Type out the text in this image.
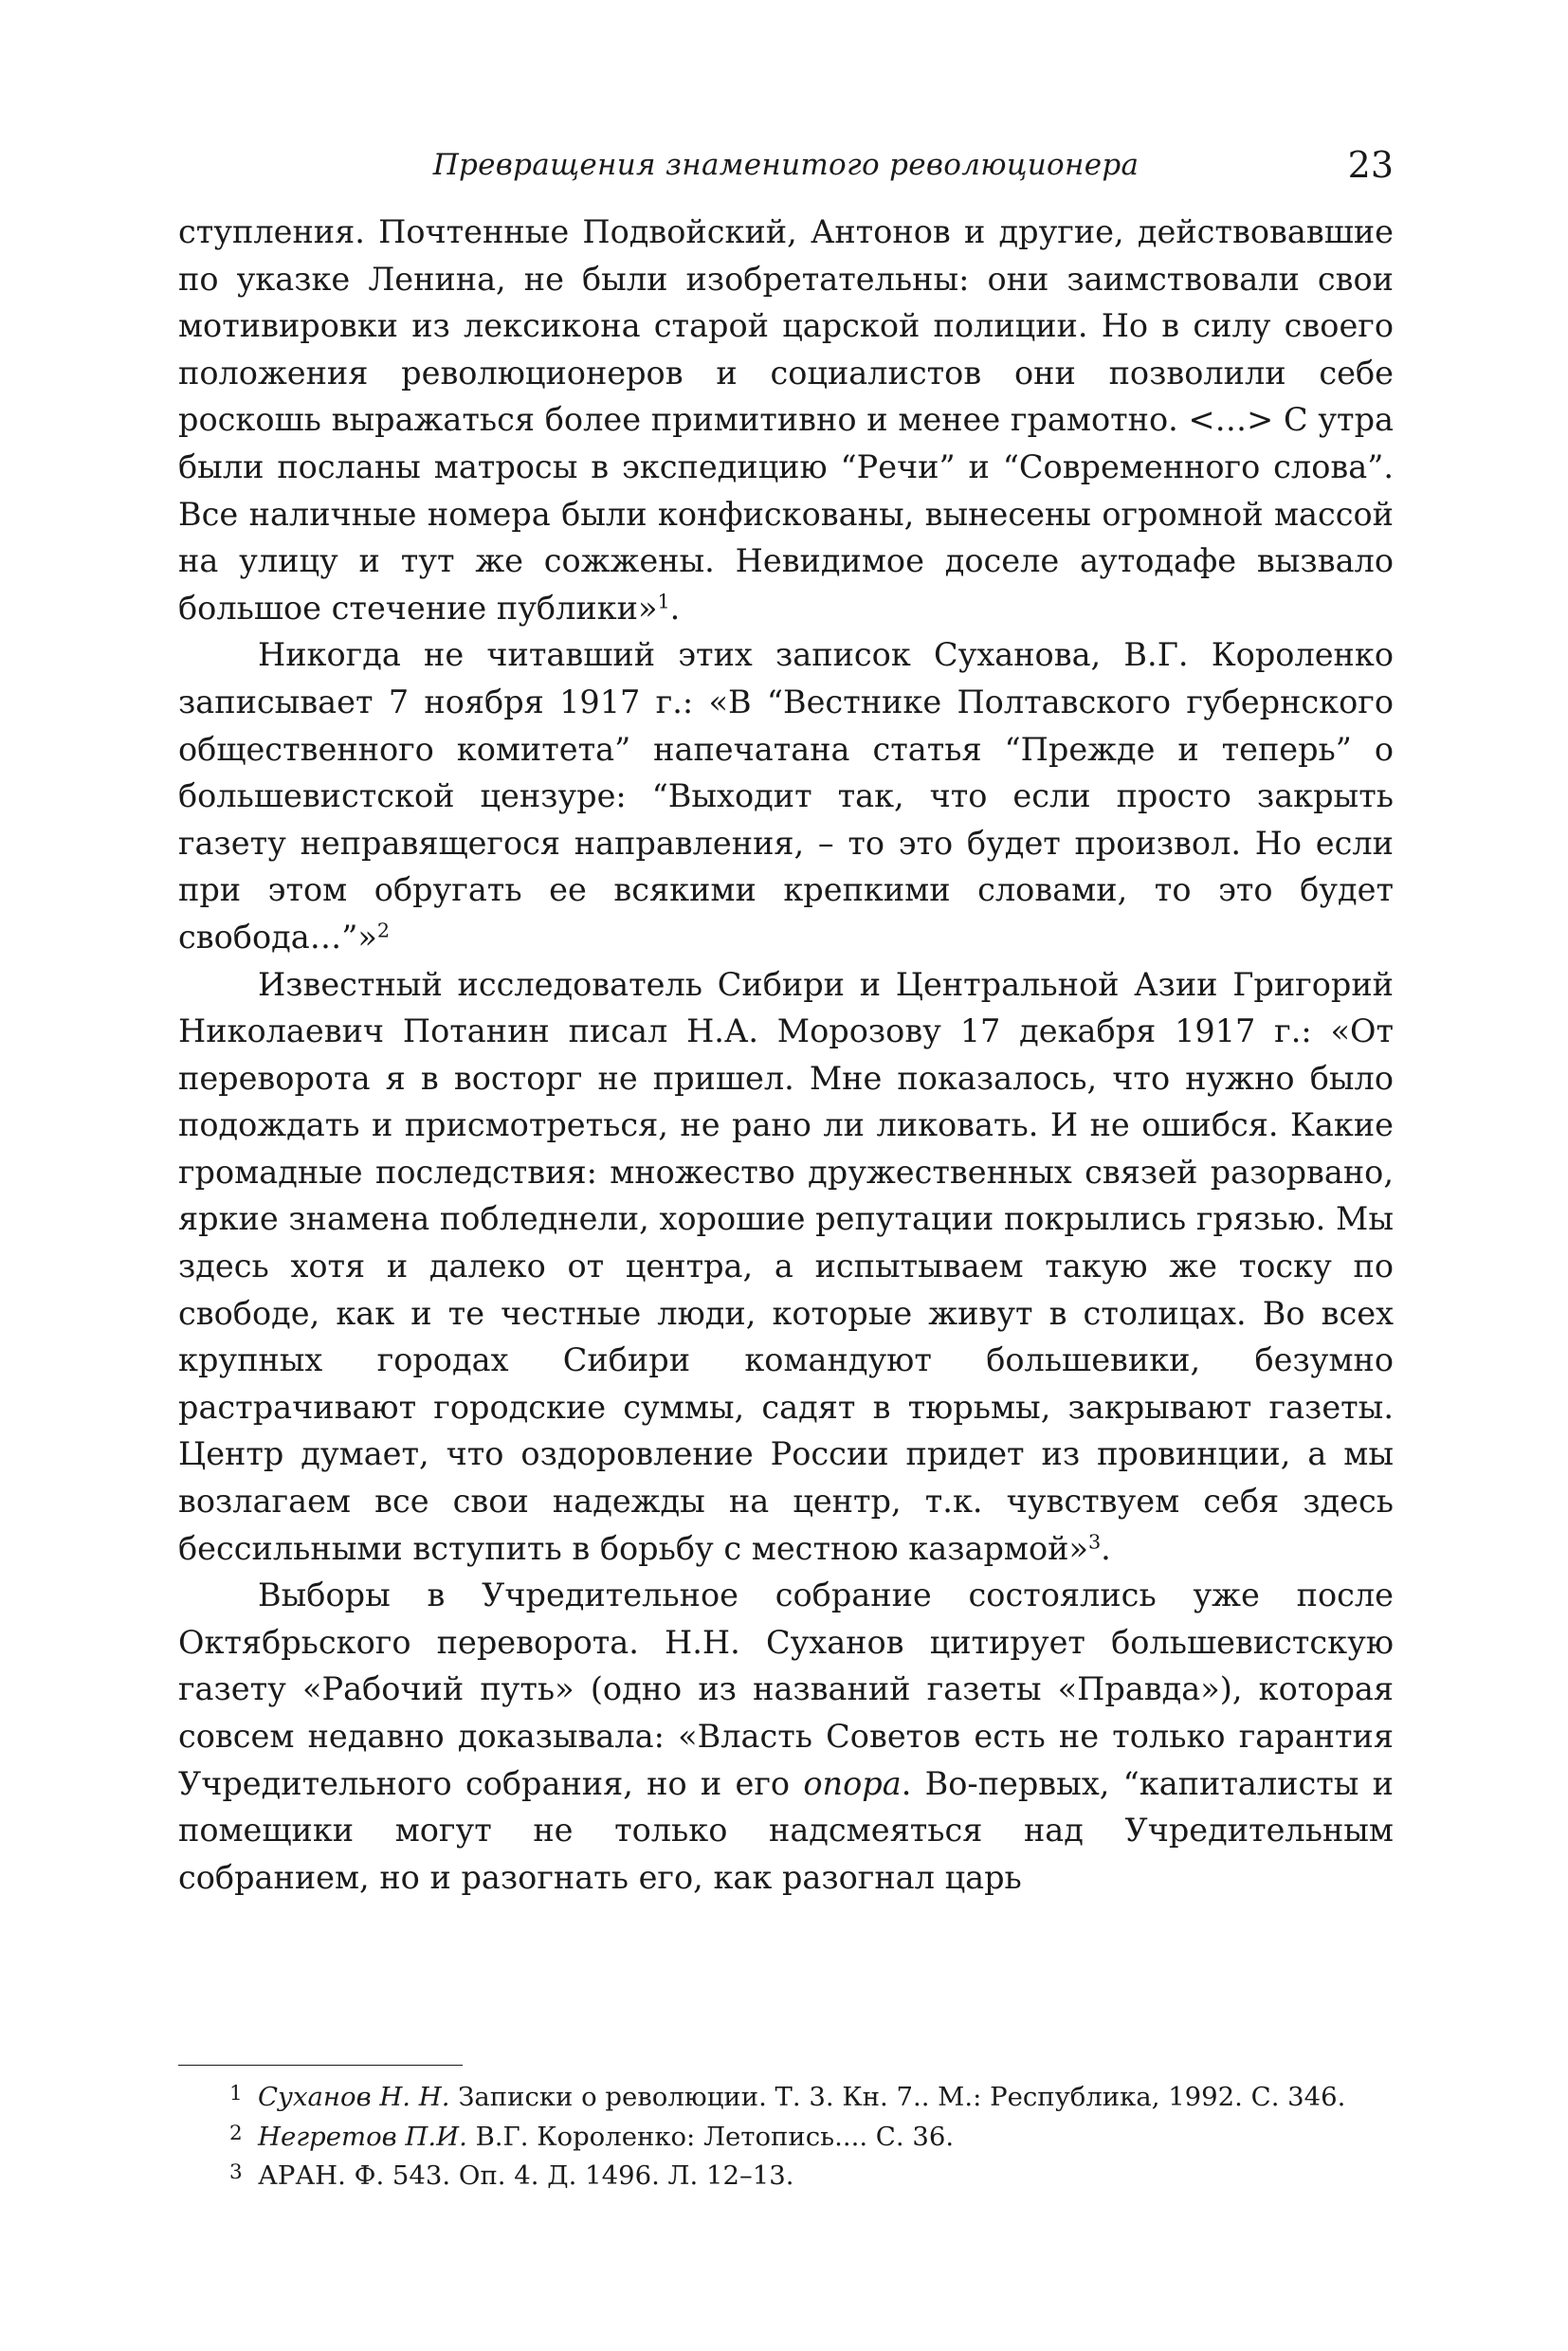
Превращения знаменитого революционера	23

ступления. Почтенные Подвойский, Антонов и другие, действовавшие по указке Ленина, не были изобретательны: они заимствовали свои мотивировки из лексикона старой царской полиции. Но в силу своего положения революционеров и социалистов они позволили себе роскошь выражаться более примитивно и менее грамотно. <…> С утра были посланы матросы в экспедицию “Речи” и “Современного слова”. Все наличные номера были конфискованы, вынесены огромной массой на улицу и тут же сожжены. Невидимое доселе аутодафе вызвало большое стечение публики»$^1$.

Никогда не читавший этих записок Суханова, В.Г. Короленко записывает 7 ноября 1917 г.: «В “Вестнике Полтавского губернского общественного комитета” напечатана статья “Прежде и теперь” о большевистской цензуре: “Выходит так, что если просто закрыть газету неправящегося направления, – то это будет произвол. Но если при этом обругать ее всякими крепкими словами, то это будет свобода…”»$^2$

Известный исследователь Сибири и Центральной Азии Григорий Николаевич Потанин писал Н.А. Морозову 17 декабря 1917 г.: «От переворота я в восторг не пришел. Мне показалось, что нужно было подождать и присмотреться, не рано ли ликовать. И не ошибся. Какие громадные последствия: множество дружественных связей разорвано, яркие знамена побледнели, хорошие репутации покрылись грязью. Мы здесь хотя и далеко от центра, а испытываем такую же тоску по свободе, как и те честные люди, которые живут в столицах. Во всех крупных городах Сибири командуют большевики, безумно растрачивают городские суммы, садят в тюрьмы, закрывают газеты. Центр думает, что оздоровление России придет из провинции, а мы возлагаем все свои надежды на центр, т.к. чувствуем себя здесь бессильными вступить в борьбу с местною казармой»$^3$.

Выборы в Учредительное собрание состоялись уже после Октябрьского переворота. Н.Н. Суханов цитирует большевистскую газету «Рабочий путь» (одно из названий газеты «Правда»), которая совсем недавно доказывала: «Власть Советов есть не только гарантия Учредительного собрания, но и его опора. Во-первых, “капиталисты и помещики могут не только надсмеяться над Учредительным собранием, но и разогнать его, как разогнал царь

1 Суханов Н. Н. Записки о революции. Т. 3. Кн. 7.. М.: Республика, 1992. С. 346.

2 Негретов П.И. В.Г. Короленко: Летопись.... С. 36.

3 АРАН. Ф. 543. Оп. 4. Д. 1496. Л. 12–13.
